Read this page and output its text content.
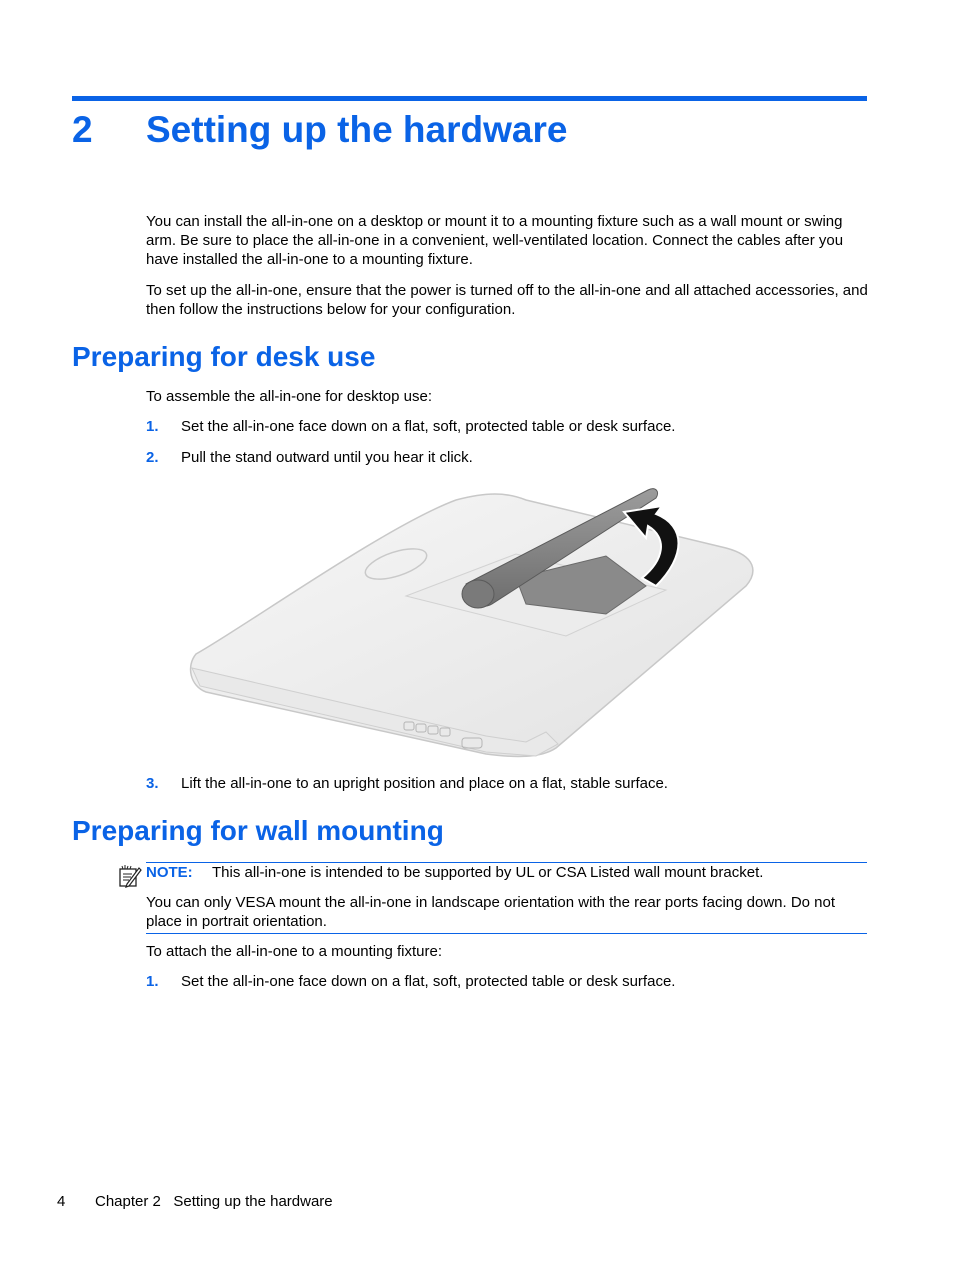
2 Setting up the hardware

You can install the all-in-one on a desktop or mount it to a mounting fixture such as a wall mount or swing arm. Be sure to place the all-in-one in a convenient, well-ventilated location. Connect the cables after you have installed the all-in-one to a mounting fixture.

To set up the all-in-one, ensure that the power is turned off to the all-in-one and all attached accessories, and then follow the instructions below for your configuration.

Preparing for desk use

To assemble the all-in-one for desktop use:

1. Set the all-in-one face down on a flat, soft, protected table or desk surface.
2. Pull the stand outward until you hear it click.
3. Lift the all-in-one to an upright position and place on a flat, stable surface.
Preparing for wall mounting
NOTE: This all-in-one is intended to be supported by UL or CSA Listed wall mount bracket.
You can only VESA mount the all-in-one in landscape orientation with the rear ports facing down. Do not place in portrait orientation.

To attach the all-in-one to a mounting fixture:

1. Set the all-in-one face down on a flat, soft, protected table or desk surface.
4 Chapter 2   Setting up the hardware
